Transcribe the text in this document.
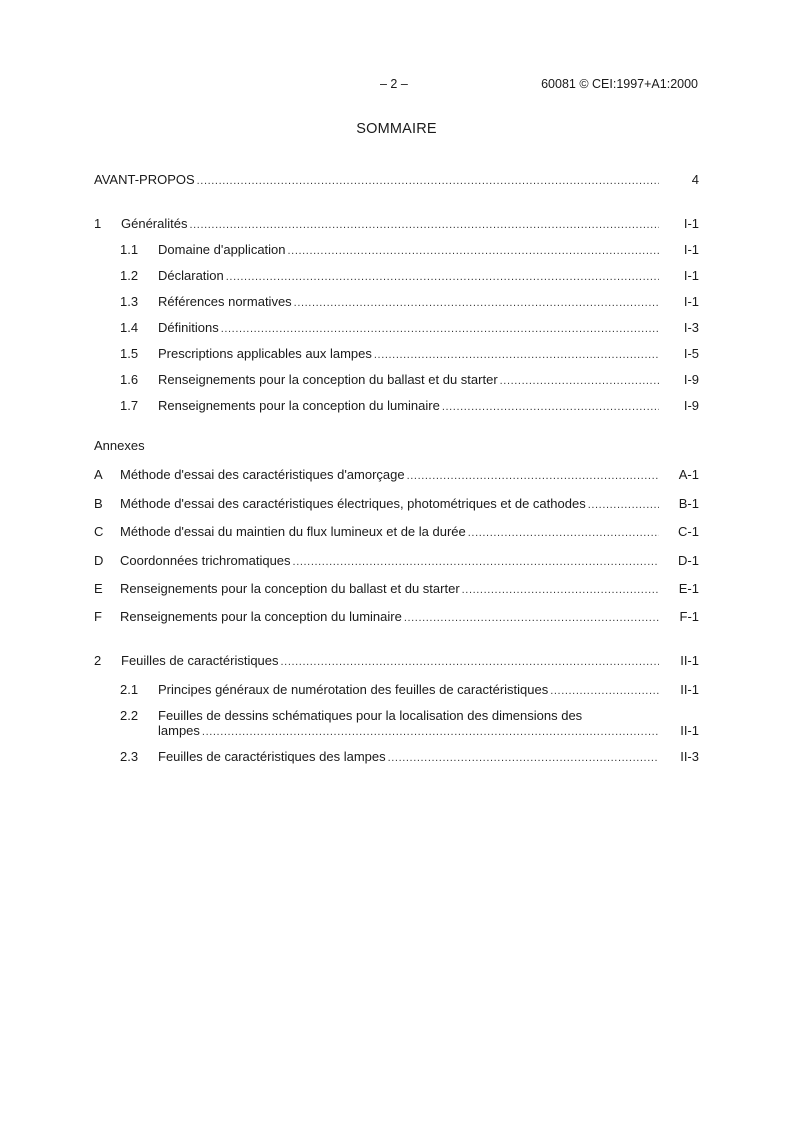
– 2 –	60081 © CEI:1997+A1:2000
SOMMAIRE
AVANT-PROPOS .....	4
1	Généralités .....	I-1
1.1	Domaine d'application .....	I-1
1.2	Déclaration .....	I-1
1.3	Références normatives .....	I-1
1.4	Définitions .....	I-3
1.5	Prescriptions applicables aux lampes .....	I-5
1.6	Renseignements pour la conception du ballast et du starter .....	I-9
1.7	Renseignements pour la conception du luminaire .....	I-9
Annexes
A	Méthode d'essai des caractéristiques d'amorçage .....	A-1
B	Méthode d'essai des caractéristiques électriques, photométriques et de cathodes .....	B-1
C	Méthode d'essai du maintien du flux lumineux et de la durée .....	C-1
D	Coordonnées trichromatiques .....	D-1
E	Renseignements pour la conception du ballast et du starter .....	E-1
F	Renseignements pour la conception du luminaire .....	F-1
2	Feuilles de caractéristiques .....	II-1
2.1	Principes généraux de numérotation des feuilles de caractéristiques .....	II-1
2.2 Feuilles de dessins schématiques pour la localisation des dimensions des
lampes .....	II-1
2.3	Feuilles de caractéristiques des lampes .....	II-3
